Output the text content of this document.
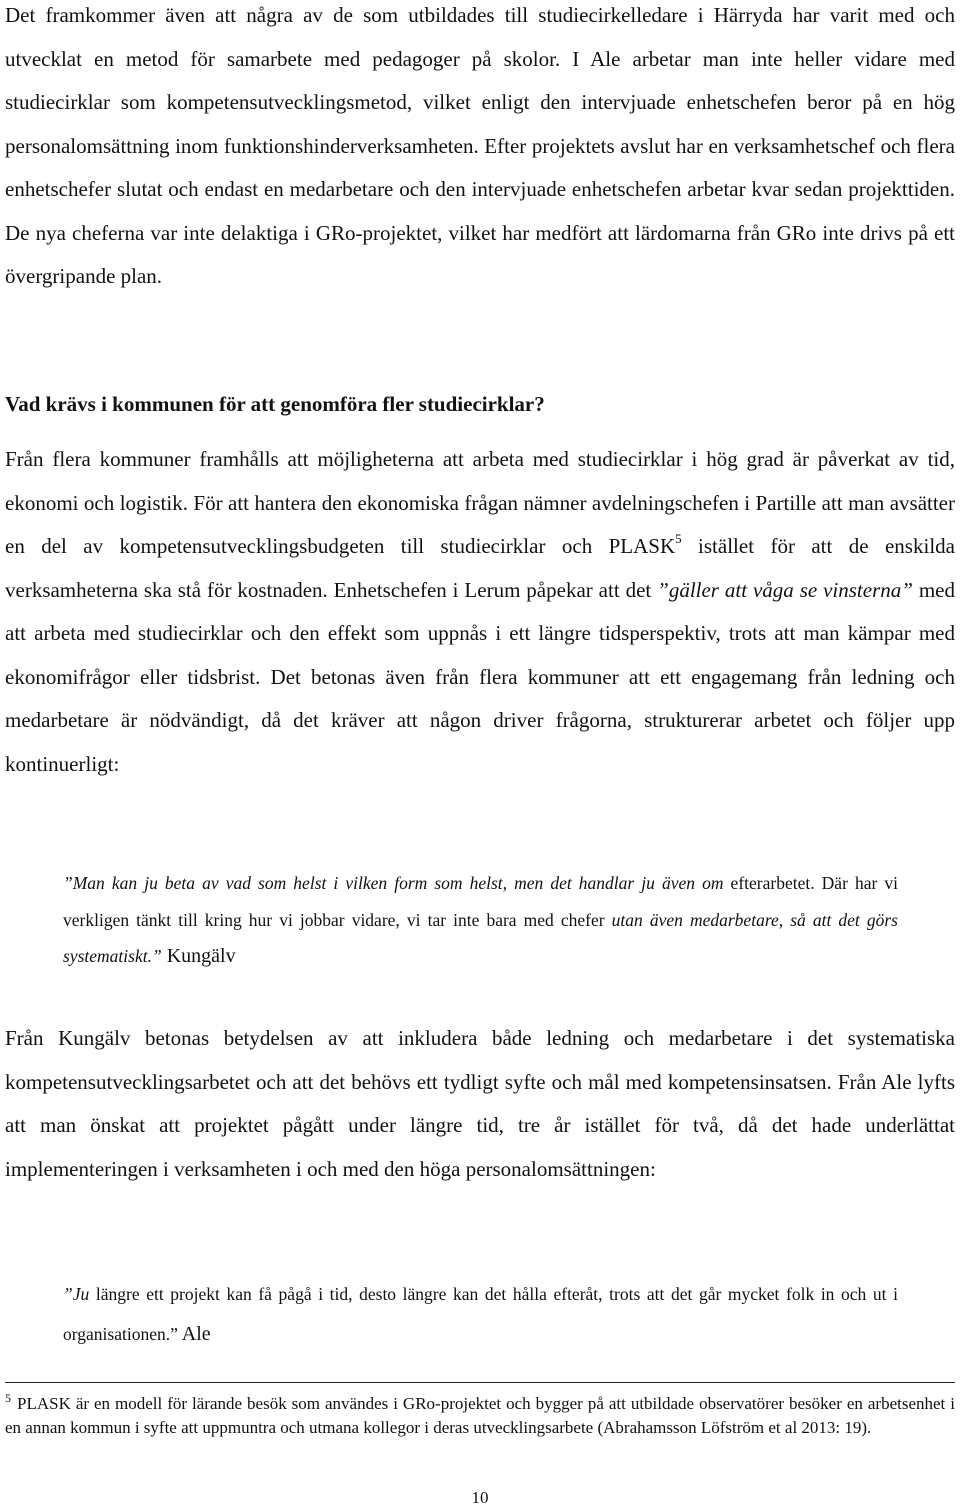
Det framkommer även att några av de som utbildades till studiecirkelledare i Härryda har varit med och utvecklat en metod för samarbete med pedagoger på skolor. I Ale arbetar man inte heller vidare med studiecirklar som kompetensutvecklingsmetod, vilket enligt den intervjuade enhetschefen beror på en hög personalomsättning inom funktionshinderverksamheten. Efter projektets avslut har en verksamhetschef och flera enhetschefer slutat och endast en medarbetare och den intervjuade enhetschefen arbetar kvar sedan projekttiden. De nya cheferna var inte delaktiga i GRo-projektet, vilket har medfört att lärdomarna från GRo inte drivs på ett övergripande plan.

Vad krävs i kommunen för att genomföra fler studiecirklar?

Från flera kommuner framhålls att möjligheterna att arbeta med studiecirklar i hög grad är påverkat av tid, ekonomi och logistik. För att hantera den ekonomiska frågan nämner avdelningschefen i Partille att man avsätter en del av kompetensutvecklingsbudgeten till studiecirklar och PLASK$^5$ istället för att de enskilda verksamheterna ska stå för kostnaden. Enhetschefen i Lerum påpekar att det ”gäller att våga se vinsterna” med att arbeta med studiecirklar och den effekt som uppnås i ett längre tidsperspektiv, trots att man kämpar med ekonomifrågor eller tidsbrist. Det betonas även från flera kommuner att ett engagemang från ledning och medarbetare är nödvändigt, då det kräver att någon driver frågorna, strukturerar arbetet och följer upp kontinuerligt:

”Man kan ju beta av vad som helst i vilken form som helst, men det handlar ju även om efterarbetet. Där har vi verkligen tänkt till kring hur vi jobbar vidare, vi tar inte bara med chefer utan även medarbetare, så att det görs systematiskt.” Kungälv

Från Kungälv betonas betydelsen av att inkludera både ledning och medarbetare i det systematiska kompetensutvecklingsarbetet och att det behövs ett tydligt syfte och mål med kompetensinsatsen. Från Ale lyfts att man önskat att projektet pågått under längre tid, tre år istället för två, då det hade underlättat implementeringen i verksamheten i och med den höga personalomsättningen:

”Ju längre ett projekt kan få pågå i tid, desto längre kan det hålla efteråt, trots att det går mycket folk in och ut i organisationen.” Ale

$^5$ PLASK är en modell för lärande besök som användes i GRo-projektet och bygger på att utbildade observatörer besöker en arbetsenhet i en annan kommun i syfte att uppmuntra och utmana kollegor i deras utvecklingsarbete (Abrahamsson Löfström et al 2013: 19).

10
